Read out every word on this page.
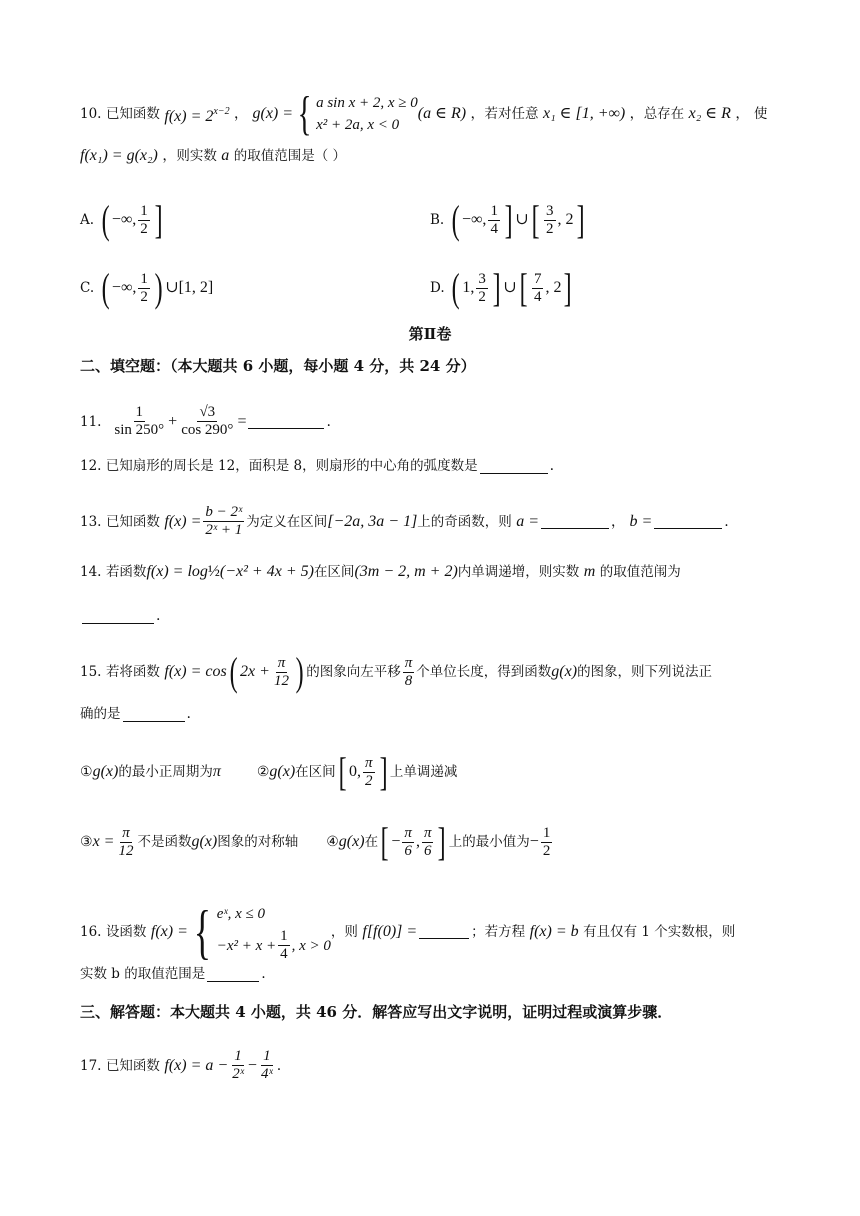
10.
已知函数
$f(x) = 2^{x-2}$ ， g(x) = { a sin x + 2, x ≥ 0
x² + 2a, x < 0
(a ∈ R) ， 若对任意
x₁ ∈ [1, +∞) ， 总存在
x₂ ∈ R ， 使
f(x₁) = g(x₂) ， 则实数
a
的取值范围是（ ）
A.
( −∞, $\frac{1}{2}$ ]	B.
( −∞, $\frac{1}{4}$ ] ∪ [ $\frac{3}{2}$ , 2 ]
C.
( −∞, $\frac{1}{2}$ ) ∪[1, 2]	D.
( 1, $\frac{3}{2}$ ] ∪ [ $\frac{7}{4}$ , 2 ]
第Ⅱ卷
二、填空题：（本大题共 6 小题，每小题 4 分，共 24 分）
11.
$\frac{1}{\sin 250^\circ} + \frac{√3}{\cos 290^\circ}$ =	.
12. 已知扇形的周长是 12，面积是 8，则扇形的中心角的弧度数是	.
13.
已知函数
$f(x) = \frac{\text{b − 2ˣ}}{\text{2ˣ + 1}}$ 为定义在区间 [−2a, 3a − 1] 上的奇函数，则
a =	， b =	.
14.
若函数 f(x) = log ½ (−x² + 4x + 5) 在区间 (3m − 2, m + 2) 内单调递增，则实数
m
的取值范闱为
.
15.
若将函数
f(x) = cos ( $2x + \frac{\pi}{12}$ ) 的图象向左平移 $\frac{\pi}{8}$ 个单位长度，得到函数 g(x) 的图象，则下列说法正
确的是	.
① g(x) 的最小正周期为 π	② g(x) 在区间 [ 0, $\frac{\pi}{2}$ ] 上单调递减
③ $x = \frac{\pi}{12}$ 不是函数 g(x) 图象的对称轴 ④ g(x) 在 [ − $\frac{\pi}{6}$ , $\frac{\pi}{6}$ ] 上的最小值为 − $\frac{1}{2}$
16.
设函数
f(x) = { eˣ, x ≤ 0
$-x^2 + x + \frac{1}{4}$ , x > 0
，则
f[f(0)] =	；若方程
f(x) = b
有且仅有 1 个实数根，则
实数 b 的取值范围是	.
三、解答题：本大题共 4 小题，共 46 分．解答应写出文字说明，证明过程或演算步骤．
17.
已知函数
$f(x) = a - \frac{1}{\text{2ˣ}} - \frac{1}{\text{4ˣ}}$ .
